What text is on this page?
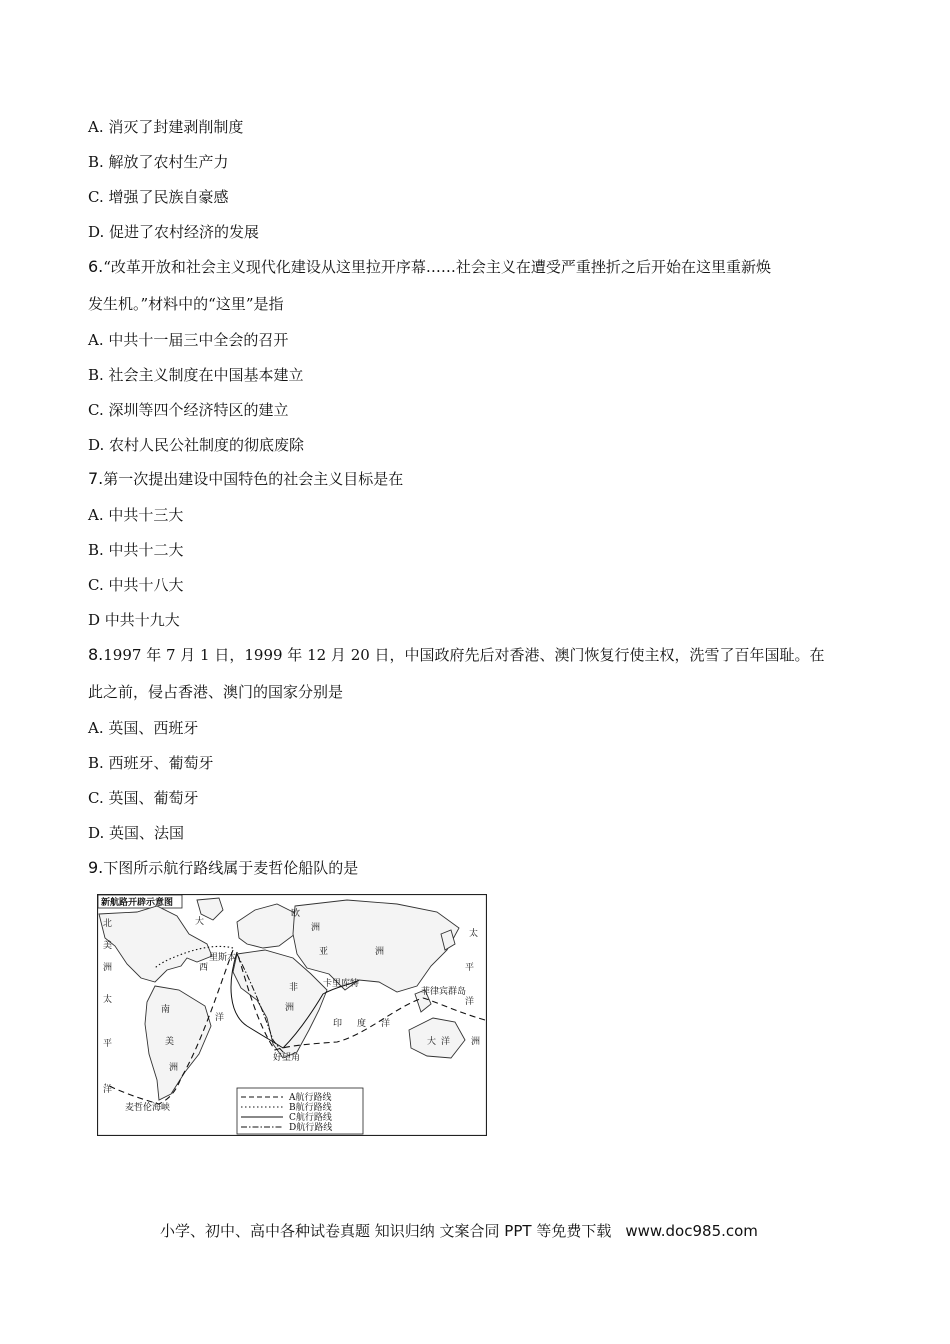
A. 消灭了封建剥削制度
B. 解放了农村生产力
C. 增强了民族自豪感
D. 促进了农村经济的发展
6.“改革开放和社会主义现代化建设从这里拉开序幕……社会主义在遭受严重挫折之后开始在这里重新焕
发生机。”材料中的“这里”是指
A. 中共十一届三中全会的召开
B. 社会主义制度在中国基本建立
C. 深圳等四个经济特区的建立
D. 农村人民公社制度的彻底废除
7.第一次提出建设中国特色的社会主义目标是在
A. 中共十三大
B. 中共十二大
C. 中共十八大
D 中共十九大
8.1997 年 7 月 1 日，1999 年 12 月 20 日，中国政府先后对香港、澳门恢复行使主权，洗雪了百年国耻。在
此之前，侵占香港、澳门的国家分别是
A. 英国、西班牙
B. 西班牙、葡萄牙
C. 英国、葡萄牙
D. 英国、法国
9.下图所示航行路线属于麦哲伦船队的是
新航路开辟示意图
北
美
洲
太
平
洋
大
西
洋
南
美
洲
欧
洲
亚	洲
非
洲
印 度 洋
太
平
洋
大 洋 洲
里斯本
卡里库特
菲律宾群岛
好望角
麦哲伦海峡
A航行路线
B航行路线
C航行路线
D航行路线
小学、初中、高中各种试卷真题 知识归纳 文案合同 PPT 等免费下载 www.doc985.com
